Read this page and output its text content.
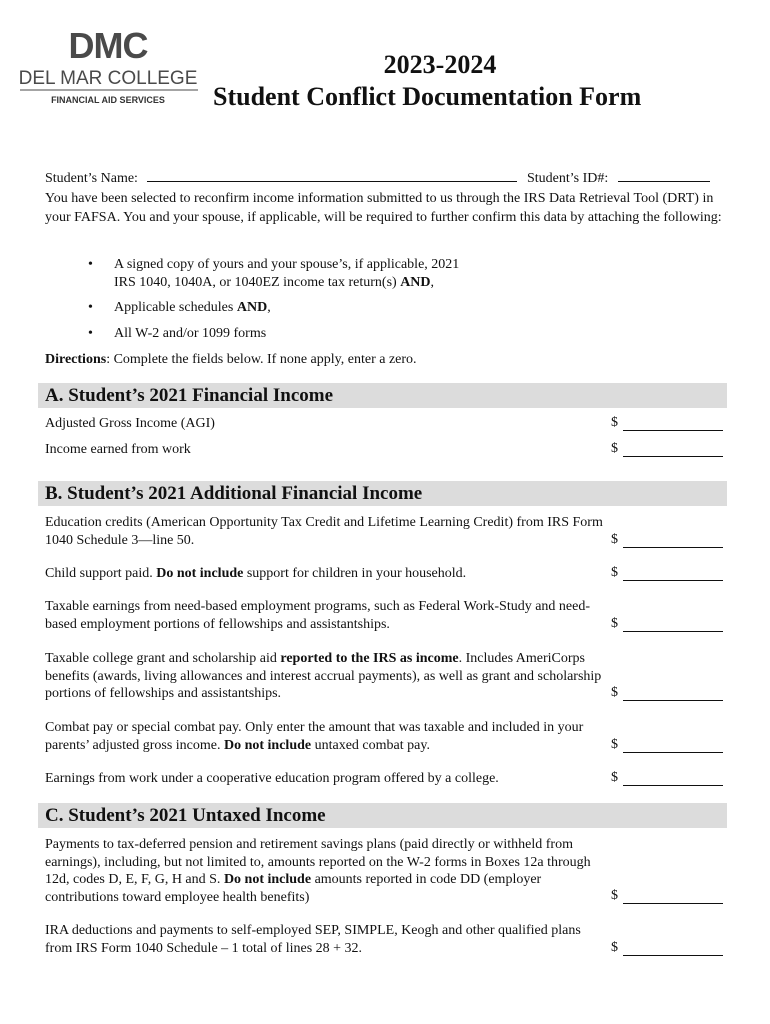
DMC
DEL MAR COLLEGE
FINANCIAL AID SERVICES
2023-2024
Student Conflict Documentation Form
Student’s Name:	Student’s ID#:
You have been selected to reconfirm income information submitted to us through the IRS Data Retrieval Tool (DRT) in your FAFSA. You and your spouse, if applicable, will be required to further confirm this data by attaching the following:
• A signed copy of yours and your spouse’s, if applicable, 2021
IRS 1040, 1040A, or 1040EZ income tax return(s) AND,
• Applicable schedules AND,
• All W-2 and/or 1099 forms
Directions: Complete the fields below. If none apply, enter a zero.
A. Student’s 2021 Financial Income
Adjusted Gross Income (AGI)	$
Income earned from work	$
B. Student’s 2021 Additional Financial Income
Education credits (American Opportunity Tax Credit and Lifetime Learning Credit) from IRS Form 1040 Schedule 3—line 50.	$
Child support paid. Do not include support for children in your household.	$
Taxable earnings from need-based employment programs, such as Federal Work-Study and need-based employment portions of fellowships and assistantships.	$
Taxable college grant and scholarship aid reported to the IRS as income. Includes AmeriCorps benefits (awards, living allowances and interest accrual payments), as well as grant and scholarship portions of fellowships and assistantships.	$
Combat pay or special combat pay. Only enter the amount that was taxable and included in your parents’ adjusted gross income. Do not include untaxed combat pay.	$
Earnings from work under a cooperative education program offered by a college.	$
C. Student’s 2021 Untaxed Income
Payments to tax-deferred pension and retirement savings plans (paid directly or withheld from earnings), including, but not limited to, amounts reported on the W-2 forms in Boxes 12a through 12d, codes D, E, F, G, H and S. Do not include amounts reported in code DD (employer contributions toward employee health benefits)	$
IRA deductions and payments to self-employed SEP, SIMPLE, Keogh and other qualified plans from IRS Form 1040 Schedule – 1 total of lines 28 + 32.	$
